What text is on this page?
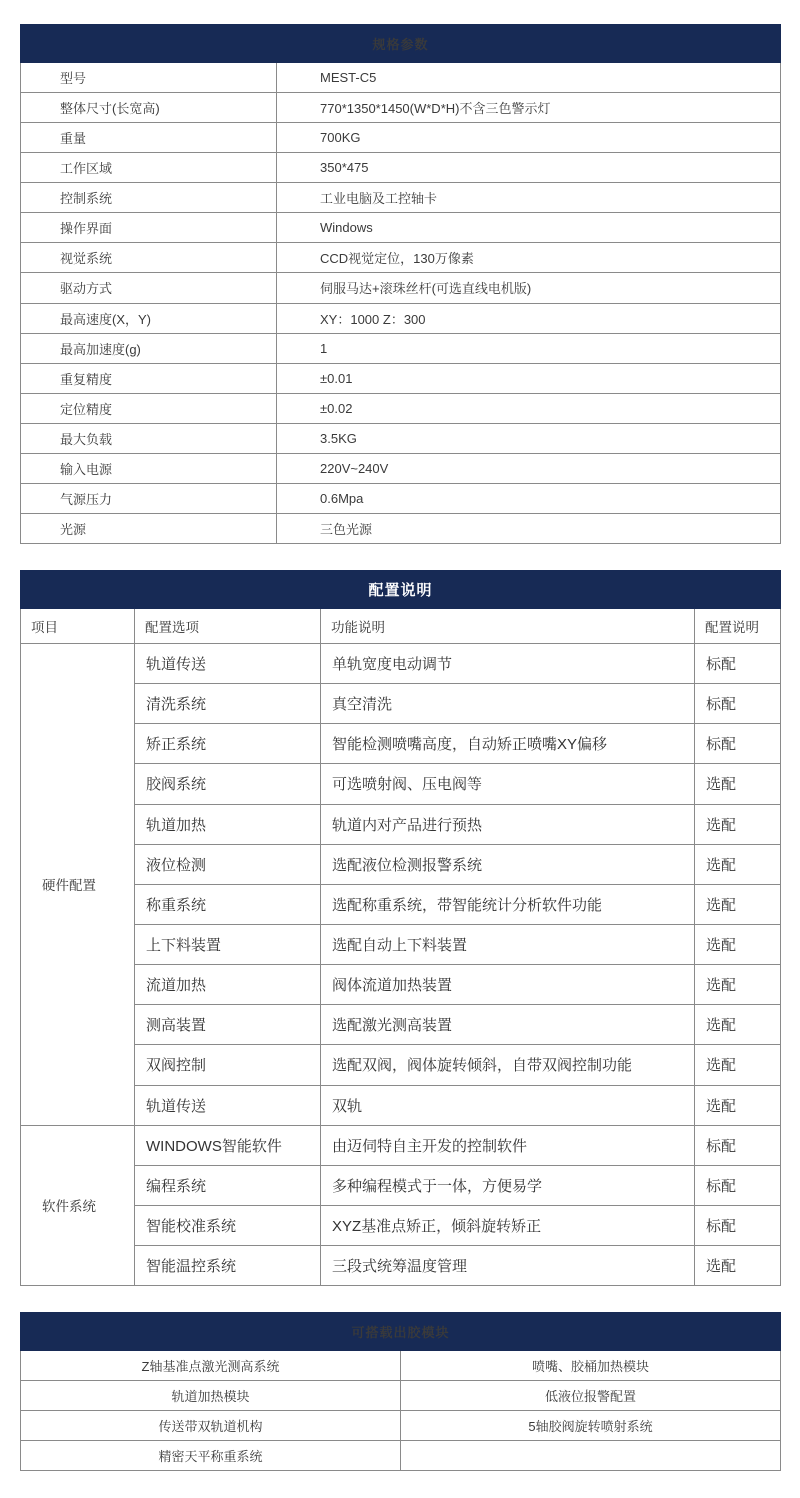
规格参数	
型号	MEST-C5
整体尺寸(长宽高)	770*1350*1450(W*D*H)不含三色警示灯
重量	700KG
工作区域	350*475
控制系统	工业电脑及工控轴卡
操作界面	Windows
视觉系统	CCD视觉定位，130万像素
驱动方式	伺服马达+滚珠丝杆(可选直线电机版)
最高速度(X，Y)	XY：1000 Z：300
最高加速度(g)	1
重复精度	±0.01
定位精度	±0.02
最大负载	3.5KG
输入电源	220V~240V
气源压力	0.6Mpa
光源	三色光源
配置说明			
项目	配置选项	功能说明	配置说明
硬件配置	轨道传送	单轨宽度电动调节	标配
	清洗系统	真空清洗	标配
	矫正系统	智能检测喷嘴高度，自动矫正喷嘴XY偏移	标配
	胶阀系统	可选喷射阀、压电阀等	选配
	轨道加热	轨道内对产品进行预热	选配
	液位检测	选配液位检测报警系统	选配
	称重系统	选配称重系统，带智能统计分析软件功能	选配
	上下料装置	选配自动上下料装置	选配
	流道加热	阀体流道加热装置	选配
	测高装置	选配激光测高装置	选配
	双阀控制	选配双阀，阀体旋转倾斜，自带双阀控制功能	选配
	轨道传送	双轨	选配
软件系统	WINDOWS智能软件	由迈伺特自主开发的控制软件	标配
	编程系统	多种编程模式于一体，方便易学	标配
	智能校准系统	XYZ基准点矫正，倾斜旋转矫正	标配
	智能温控系统	三段式统筹温度管理	选配
可搭载出胶模块	
Z轴基准点激光测高系统	喷嘴、胶桶加热模块
轨道加热模块	低液位报警配置
传送带双轨道机构	5轴胶阀旋转喷射系统
精密天平称重系统	
